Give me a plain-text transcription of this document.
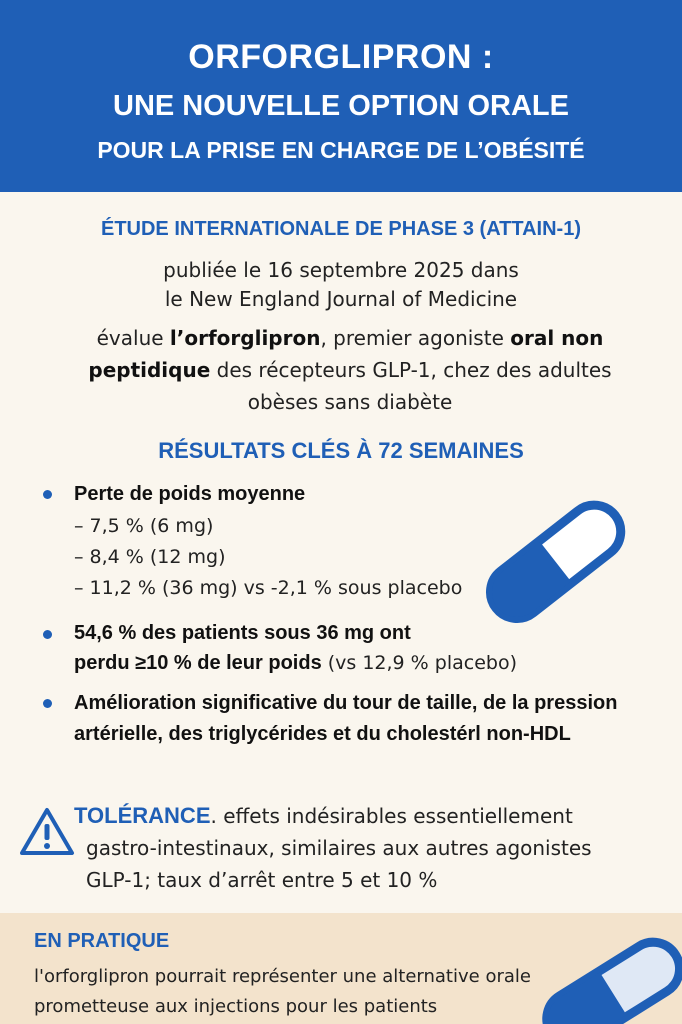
ORFORGLIPRON :
UNE NOUVELLE OPTION ORALE
POUR LA PRISE EN CHARGE DE L’OBÉSITÉ
ÉTUDE INTERNATIONALE DE PHASE 3 (ATTAIN-1)
publiée le 16 septembre 2025 dans
le New England Journal of Medicine
évalue l’orforglipron, premier agoniste oral non peptidique des récepteurs GLP-1, chez des adultes obèses sans diabète
RÉSULTATS CLÉS À 72 SEMAINES
Perte de poids moyenne
– 7,5 % (6 mg)
– 8,4 % (12 mg)
– 11,2 % (36 mg) vs -2,1 % sous placebo
54,6 % des patients sous 36 mg ont
perdu ≥10 % de leur poids (vs 12,9 % placebo)
Amélioration significative du tour de taille, de la pression artérielle, des triglycérides et du cholestérl non-HDL
TOLÉRANCE. effets indésirables essentiellement
gastro-intestinaux, similaires aux autres agonistes
GLP-1; taux d’arrêt entre 5 et 10 %
EN PRATIQUE
l'orforglipron pourrait représenter une alternative orale prometteuse aux injections pour les patients
